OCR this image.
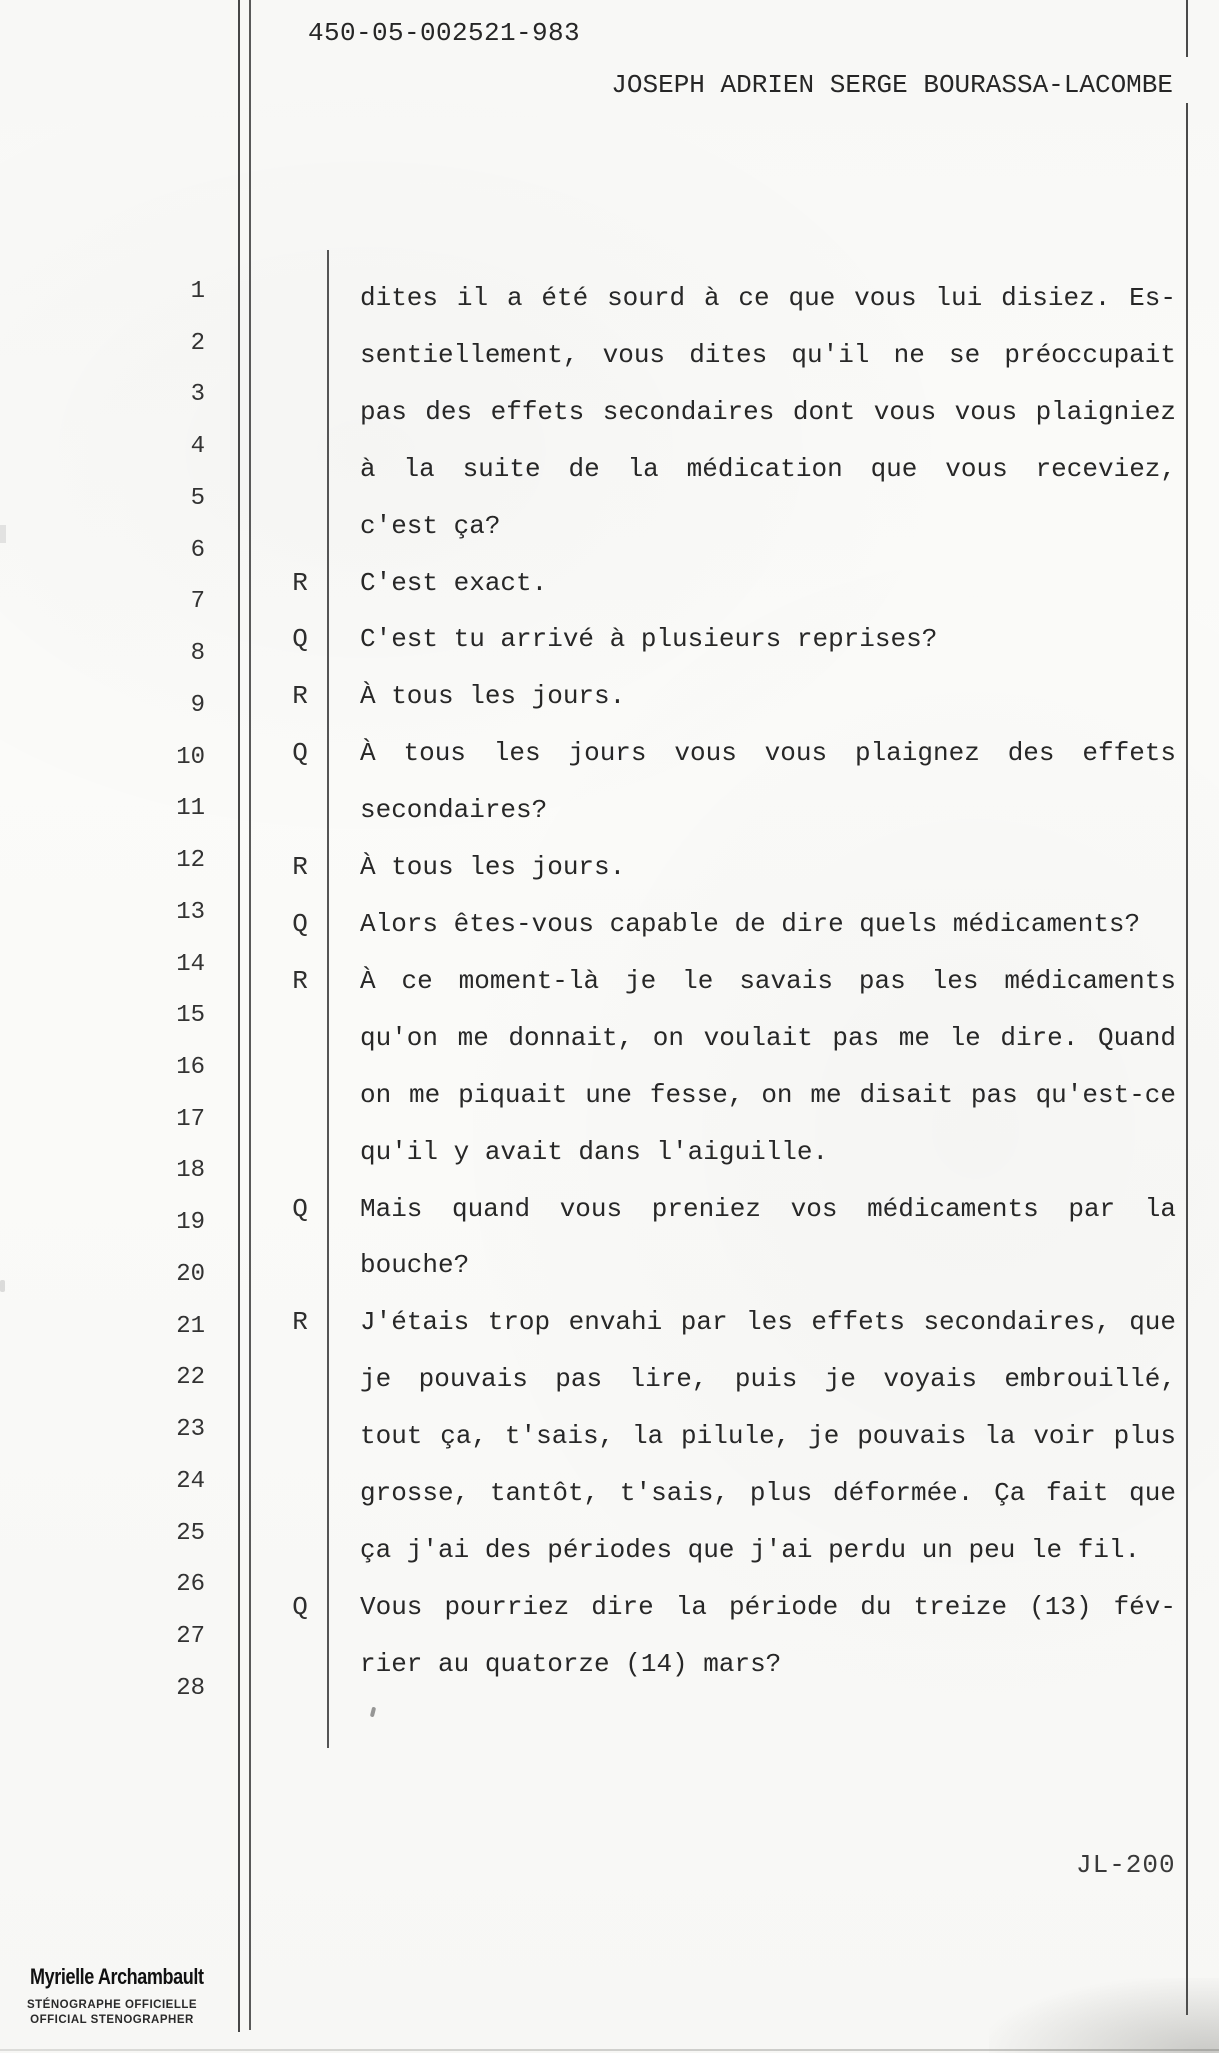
450-05-002521-983
JOSEPH ADRIEN SERGE BOURASSA-LACOMBE
1
2
3
4
5
6
7
8
9
10
11
12
13
14
15
16
17
18
19
20
21
22
23
24
25
26
27
28
dites il a été sourd à ce que vous lui disiez. Es-
sentiellement, vous dites qu'il ne se préoccupait
pas des effets secondaires dont vous vous plaigniez
à la suite de la médication que vous receviez,
c'est ça?
R	C'est exact.
Q	C'est tu arrivé à plusieurs reprises?
R	À tous les jours.
Q	À tous les jours vous vous plaignez des effets
secondaires?
R	À tous les jours.
Q	Alors êtes-vous capable de dire quels médicaments?
R	À ce moment-là je le savais pas les médicaments
qu'on me donnait, on voulait pas me le dire. Quand
on me piquait une fesse, on me disait pas qu'est-ce
qu'il y avait dans l'aiguille.
Q	Mais quand vous preniez vos médicaments par la
bouche?
R	J'étais trop envahi par les effets secondaires, que
je pouvais pas lire, puis je voyais embrouillé,
tout ça, t'sais, la pilule, je pouvais la voir plus
grosse, tantôt, t'sais, plus déformée. Ça fait que
ça j'ai des périodes que j'ai perdu un peu le fil.
Q	Vous pourriez dire la période du treize (13) fév-
rier au quatorze (14) mars?
JL-200
Myrielle Archambault
STÉNOGRAPHE OFFICIELLE
OFFICIAL STENOGRAPHER
